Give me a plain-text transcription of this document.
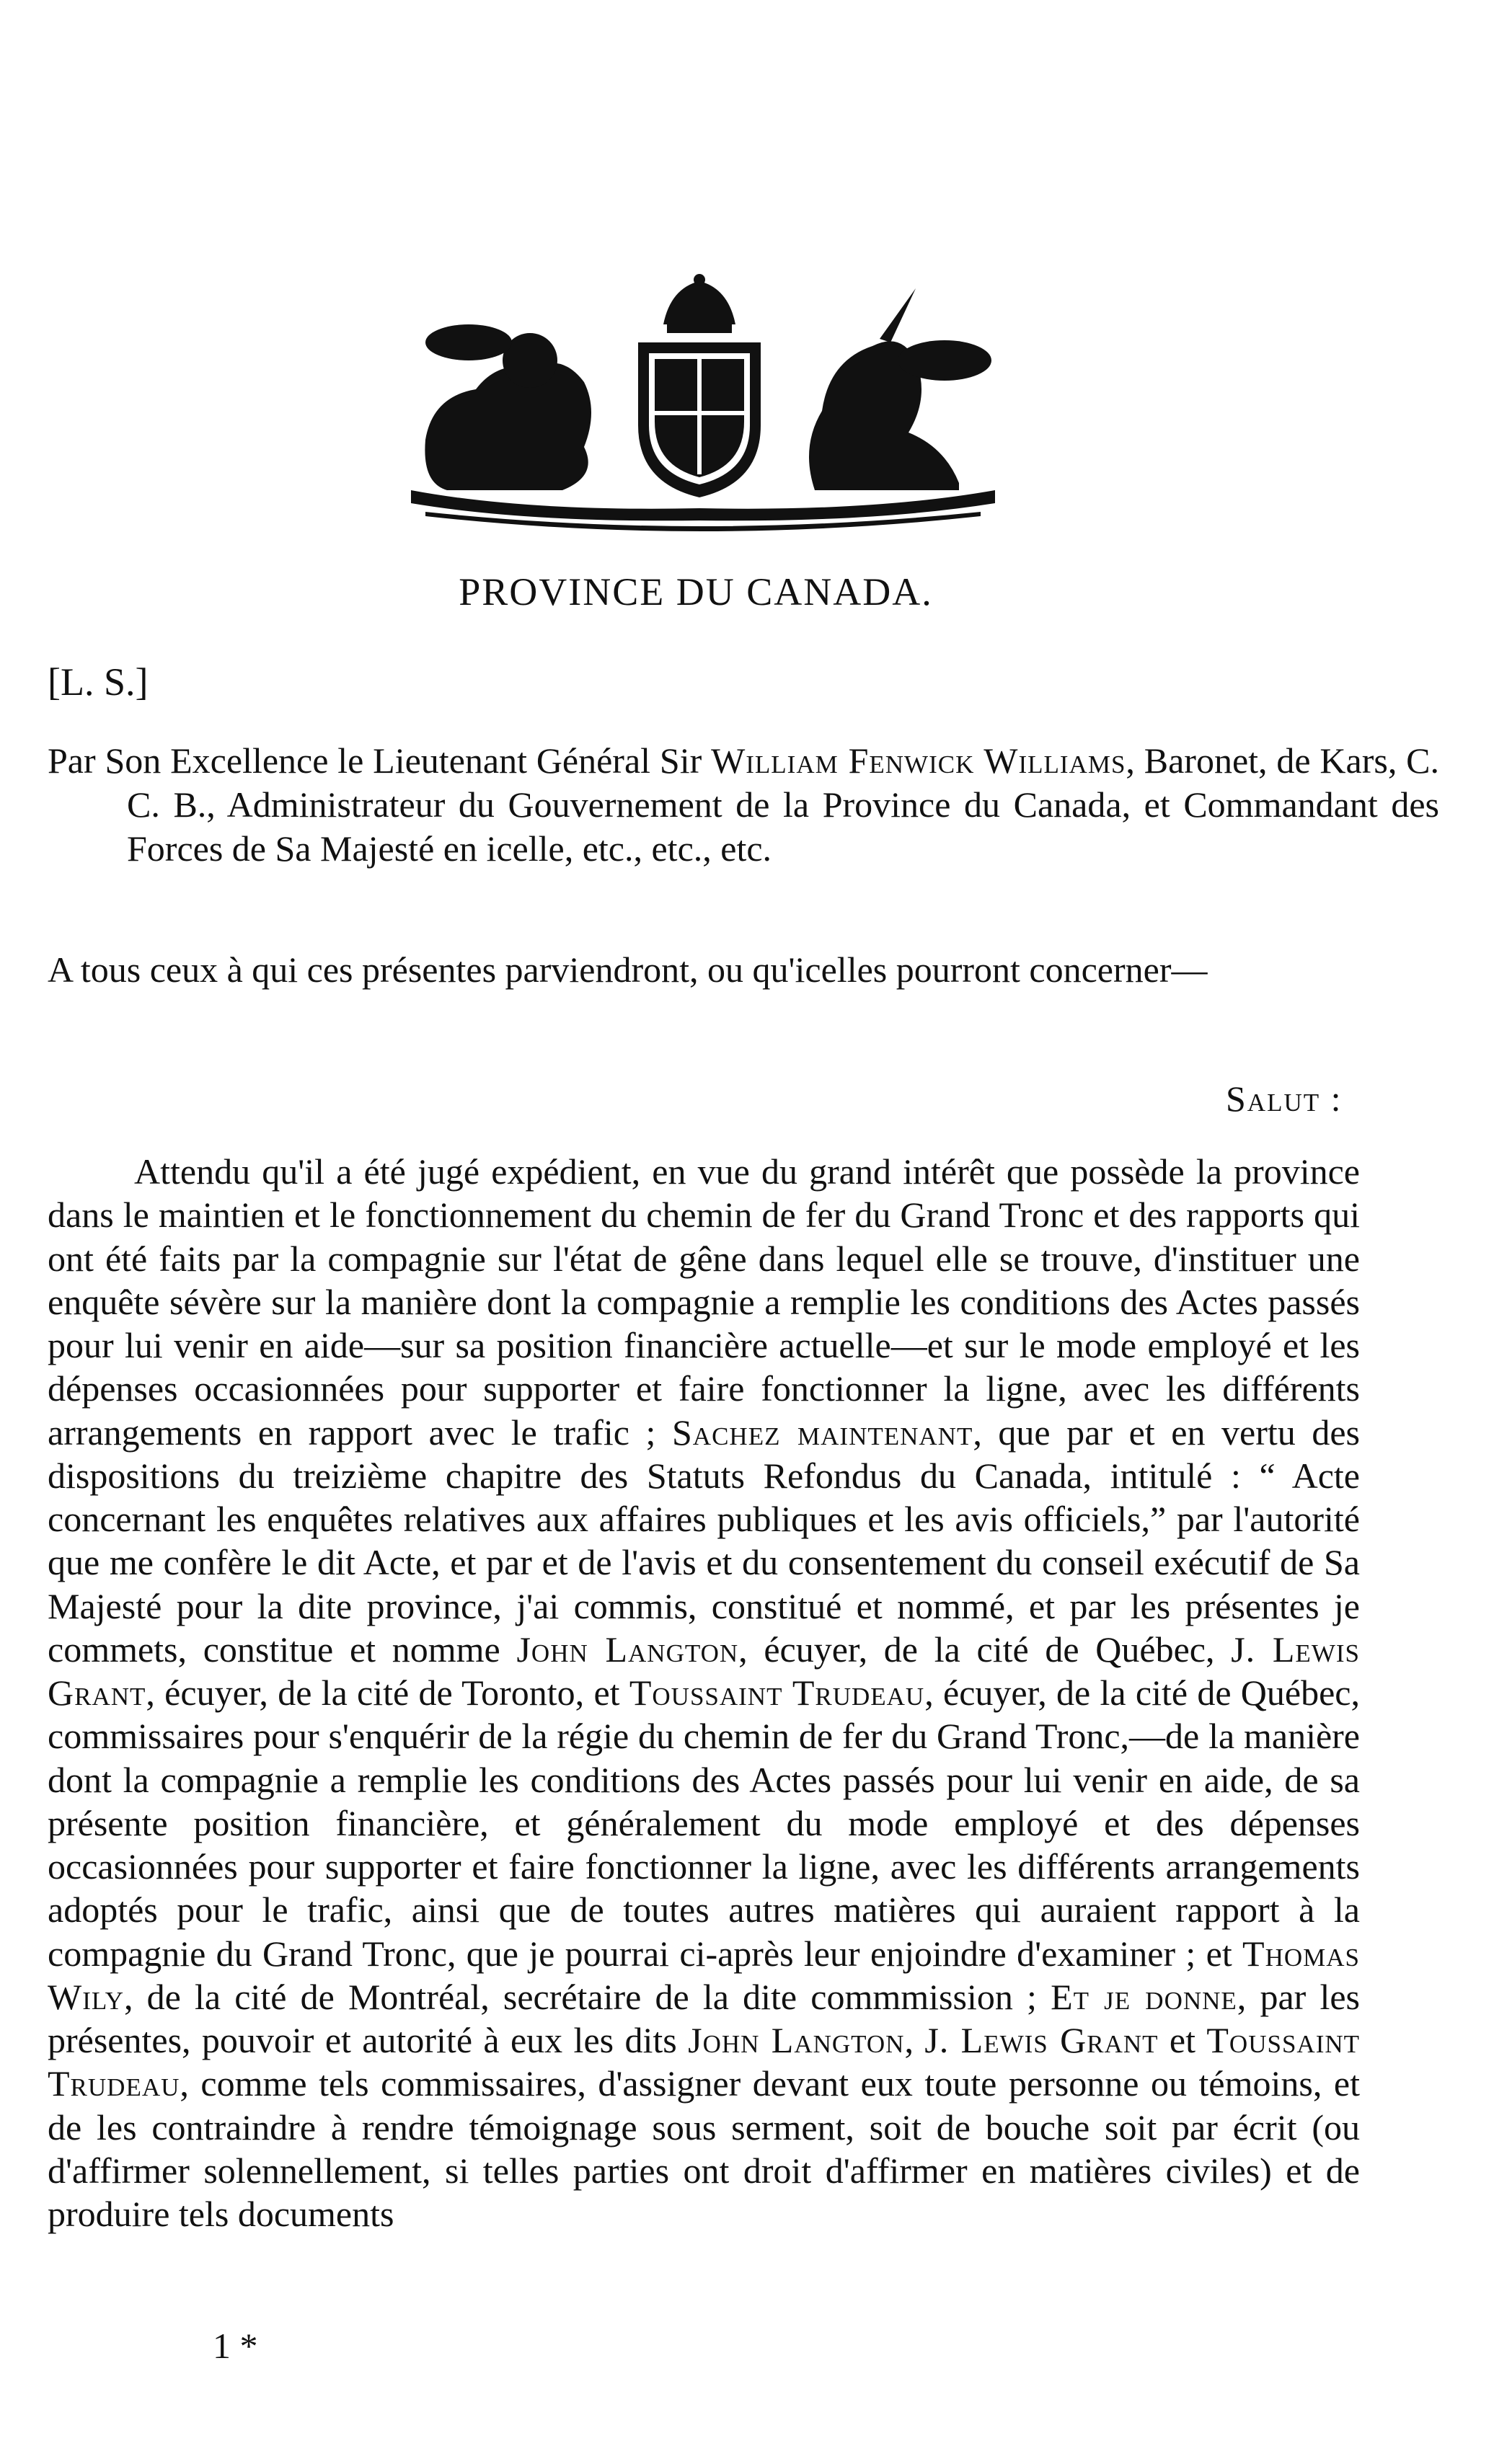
PROVINCE DU CANADA.
[L. S.]
Par Son Excellence le Lieutenant Général Sir William Fenwick Williams, Baronet, de Kars, C. C. B., Administrateur du Gouvernement de la Province du Canada, et Commandant des Forces de Sa Majesté en icelle, etc., etc., etc.
A tous ceux à qui ces présentes parviendront, ou qu'icelles pourront concerner—
Salut :
Attendu qu'il a été jugé expédient, en vue du grand intérêt que possède la province dans le maintien et le fonctionnement du chemin de fer du Grand Tronc et des rapports qui ont été faits par la compagnie sur l'état de gêne dans lequel elle se trouve, d'instituer une enquête sévère sur la manière dont la compagnie a remplie les conditions des Actes passés pour lui venir en aide—sur sa position financière actuelle—et sur le mode employé et les dépenses occasionnées pour supporter et faire fonctionner la ligne, avec les différents arrangements en rapport avec le trafic ; Sachez maintenant, que par et en vertu des dispositions du treizième chapitre des Statuts Refondus du Canada, intitulé : “ Acte concernant les enquêtes relatives aux affaires publiques et les avis officiels,” par l'autorité que me confère le dit Acte, et par et de l'avis et du consentement du conseil exécutif de Sa Majesté pour la dite province, j'ai commis, constitué et nommé, et par les présentes je commets, constitue et nomme John Langton, écuyer, de la cité de Québec, J. Lewis Grant, écuyer, de la cité de Toronto, et Toussaint Trudeau, écuyer, de la cité de Québec, commissaires pour s'enquérir de la régie du chemin de fer du Grand Tronc,—de la manière dont la compagnie a remplie les conditions des Actes passés pour lui venir en aide, de sa présente position financière, et généralement du mode employé et des dépenses occasionnées pour supporter et faire fonctionner la ligne, avec les différents arrangements adoptés pour le trafic, ainsi que de toutes autres matières qui auraient rapport à la compagnie du Grand Tronc, que je pourrai ci-après leur enjoindre d'examiner ; et Thomas Wily, de la cité de Montréal, secrétaire de la dite commmission ; Et je donne, par les présentes, pouvoir et autorité à eux les dits John Langton, J. Lewis Grant et Toussaint Trudeau, comme tels commissaires, d'assigner devant eux toute personne ou témoins, et de les contraindre à rendre témoignage sous serment, soit de bouche soit par écrit (ou d'affirmer solennellement, si telles parties ont droit d'affirmer en matières civiles) et de produire tels documents
1 *
